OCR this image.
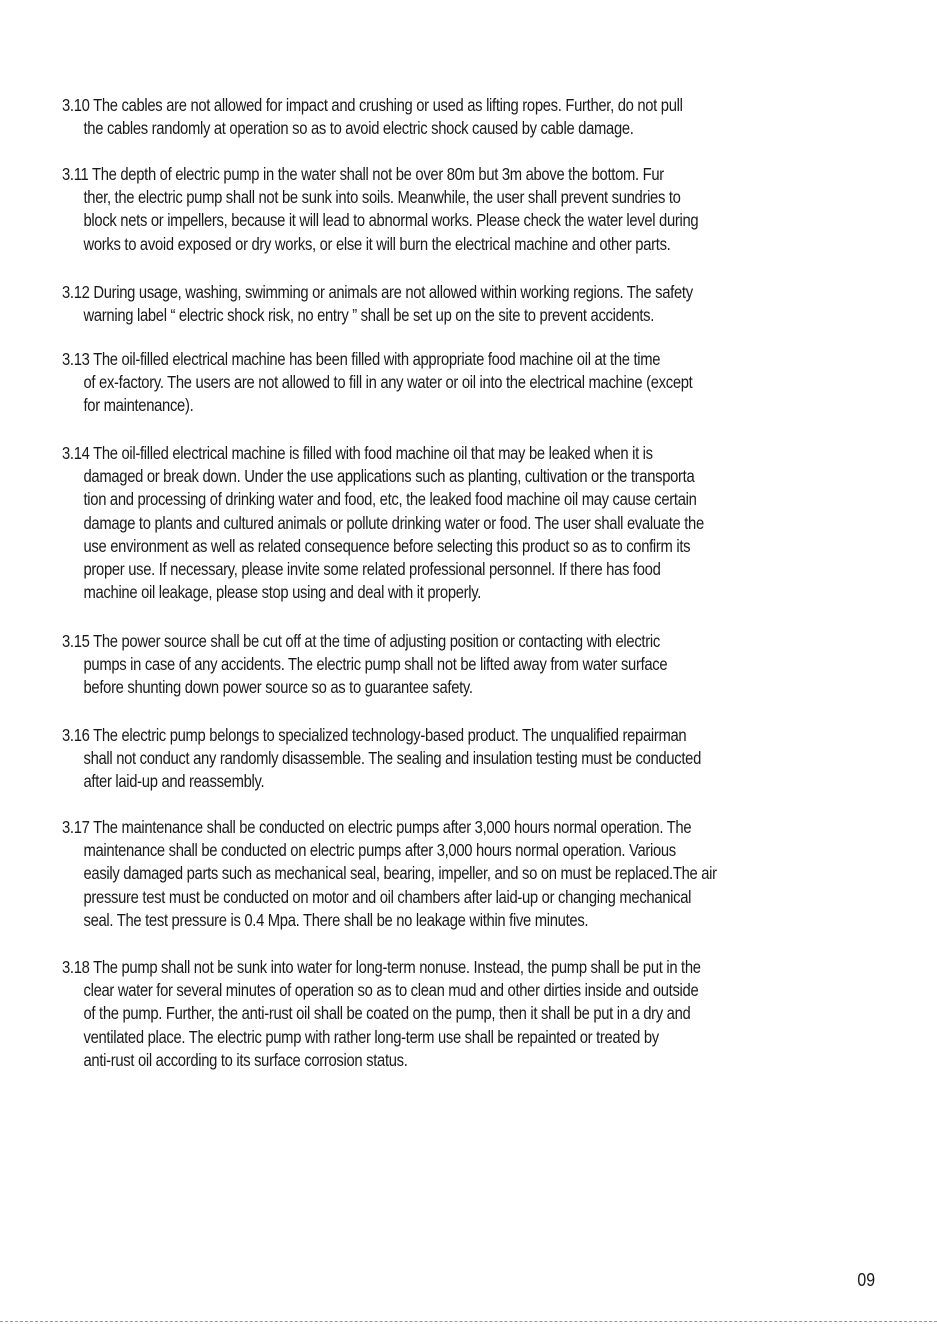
3.10 The cables are not allowed for impact and crushing or used as lifting ropes. Further, do not pull
the cables randomly at operation so as to avoid electric shock caused by cable damage.
3.11 The depth of electric pump in the water shall not be over 80m but 3m above the bottom. Fur
ther, the electric pump shall not be sunk into soils. Meanwhile, the user shall prevent sundries to
block nets or impellers, because it will lead to abnormal works. Please check the water level during
works to avoid exposed or dry works, or else it will burn the electrical machine and other parts.
3.12 During usage, washing, swimming or animals are not allowed within working regions. The safety
warning label “ electric shock risk, no entry ” shall be set up on the site to prevent accidents.
3.13 The oil-filled electrical machine has been filled with appropriate food machine oil at the time
of ex-factory. The users are not allowed to fill in any water or oil into the electrical machine (except
for maintenance).
3.14 The oil-filled electrical machine is filled with food machine oil that may be leaked when it is
damaged or break down. Under the use applications such as planting, cultivation or the transporta
tion and processing of drinking water and food, etc, the leaked food machine oil may cause certain
damage to plants and cultured animals or pollute drinking water or food. The user shall evaluate the
use environment as well as related consequence before selecting this product so as to confirm its
proper use. If necessary, please invite some related professional personnel. If there has food
machine oil leakage, please stop using and deal with it properly.
3.15 The power source shall be cut off at the time of adjusting position or contacting with electric
pumps in case of any accidents. The electric pump shall not be lifted away from water surface
before shunting down power source so as to guarantee safety.
3.16 The electric pump belongs to specialized technology-based product. The unqualified repairman
shall not conduct any randomly disassemble. The sealing and insulation testing must be conducted
after laid-up and reassembly.
3.17 The maintenance shall be conducted on electric pumps after 3,000 hours normal operation. The
maintenance shall be conducted on electric pumps after 3,000 hours normal operation. Various
easily damaged parts such as mechanical seal, bearing, impeller, and so on must be replaced.The air
pressure test must be conducted on motor and oil chambers after laid-up or changing mechanical
seal. The test pressure is 0.4 Mpa. There shall be no leakage within five minutes.
3.18 The pump shall not be sunk into water for long-term nonuse. Instead, the pump shall be put in the
clear water for several minutes of operation so as to clean mud and other dirties inside and outside
of the pump. Further, the anti-rust oil shall be coated on the pump, then it shall be put in a dry and
ventilated place. The electric pump with rather long-term use shall be repainted or treated by
anti-rust oil according to its surface corrosion status.
09
